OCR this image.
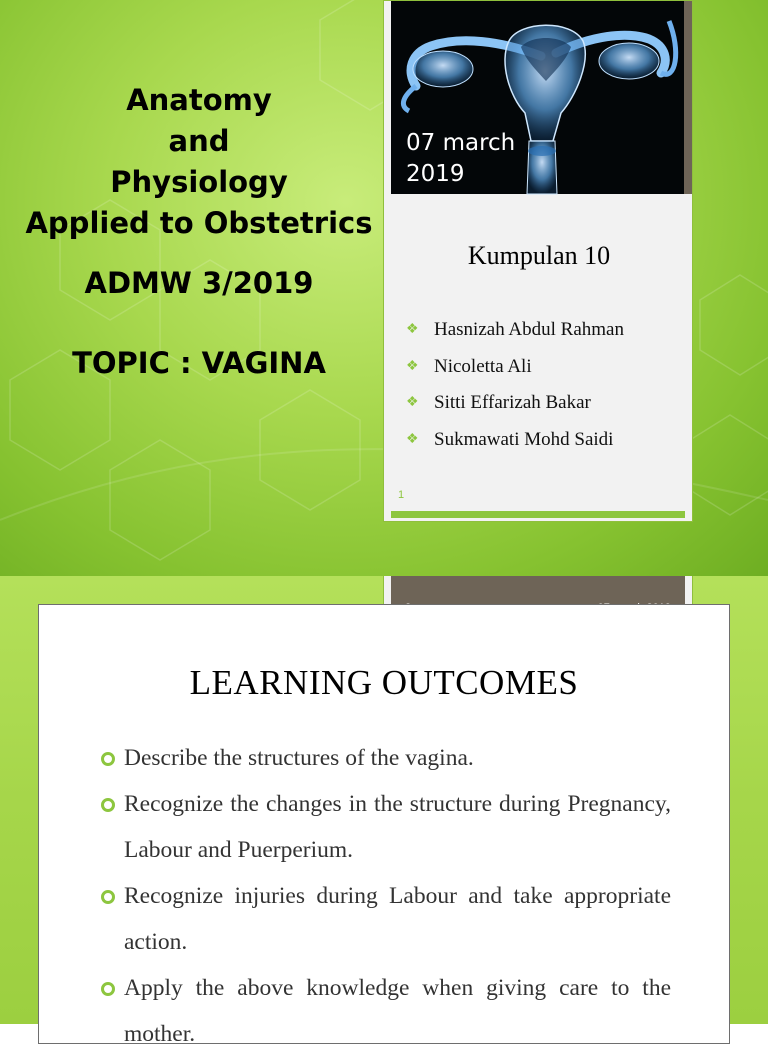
Anatomy
and
Physiology
Applied to Obstetrics
ADMW 3/2019
TOPIC : VAGINA
07 march
2019
Kumpulan 10
❖ Hasnizah Abdul Rahman
❖ Nicoletta Ali
❖ Sitti Effarizah Bakar
❖ Sukmawati Mohd Saidi
1
LEARNING OUTCOMES
Describe the structures of the vagina.
Recognize the changes in the structure during Pregnancy, Labour and Puerperium.
Recognize injuries during Labour and take appropriate action.
Apply the above knowledge when giving care to the mother.
